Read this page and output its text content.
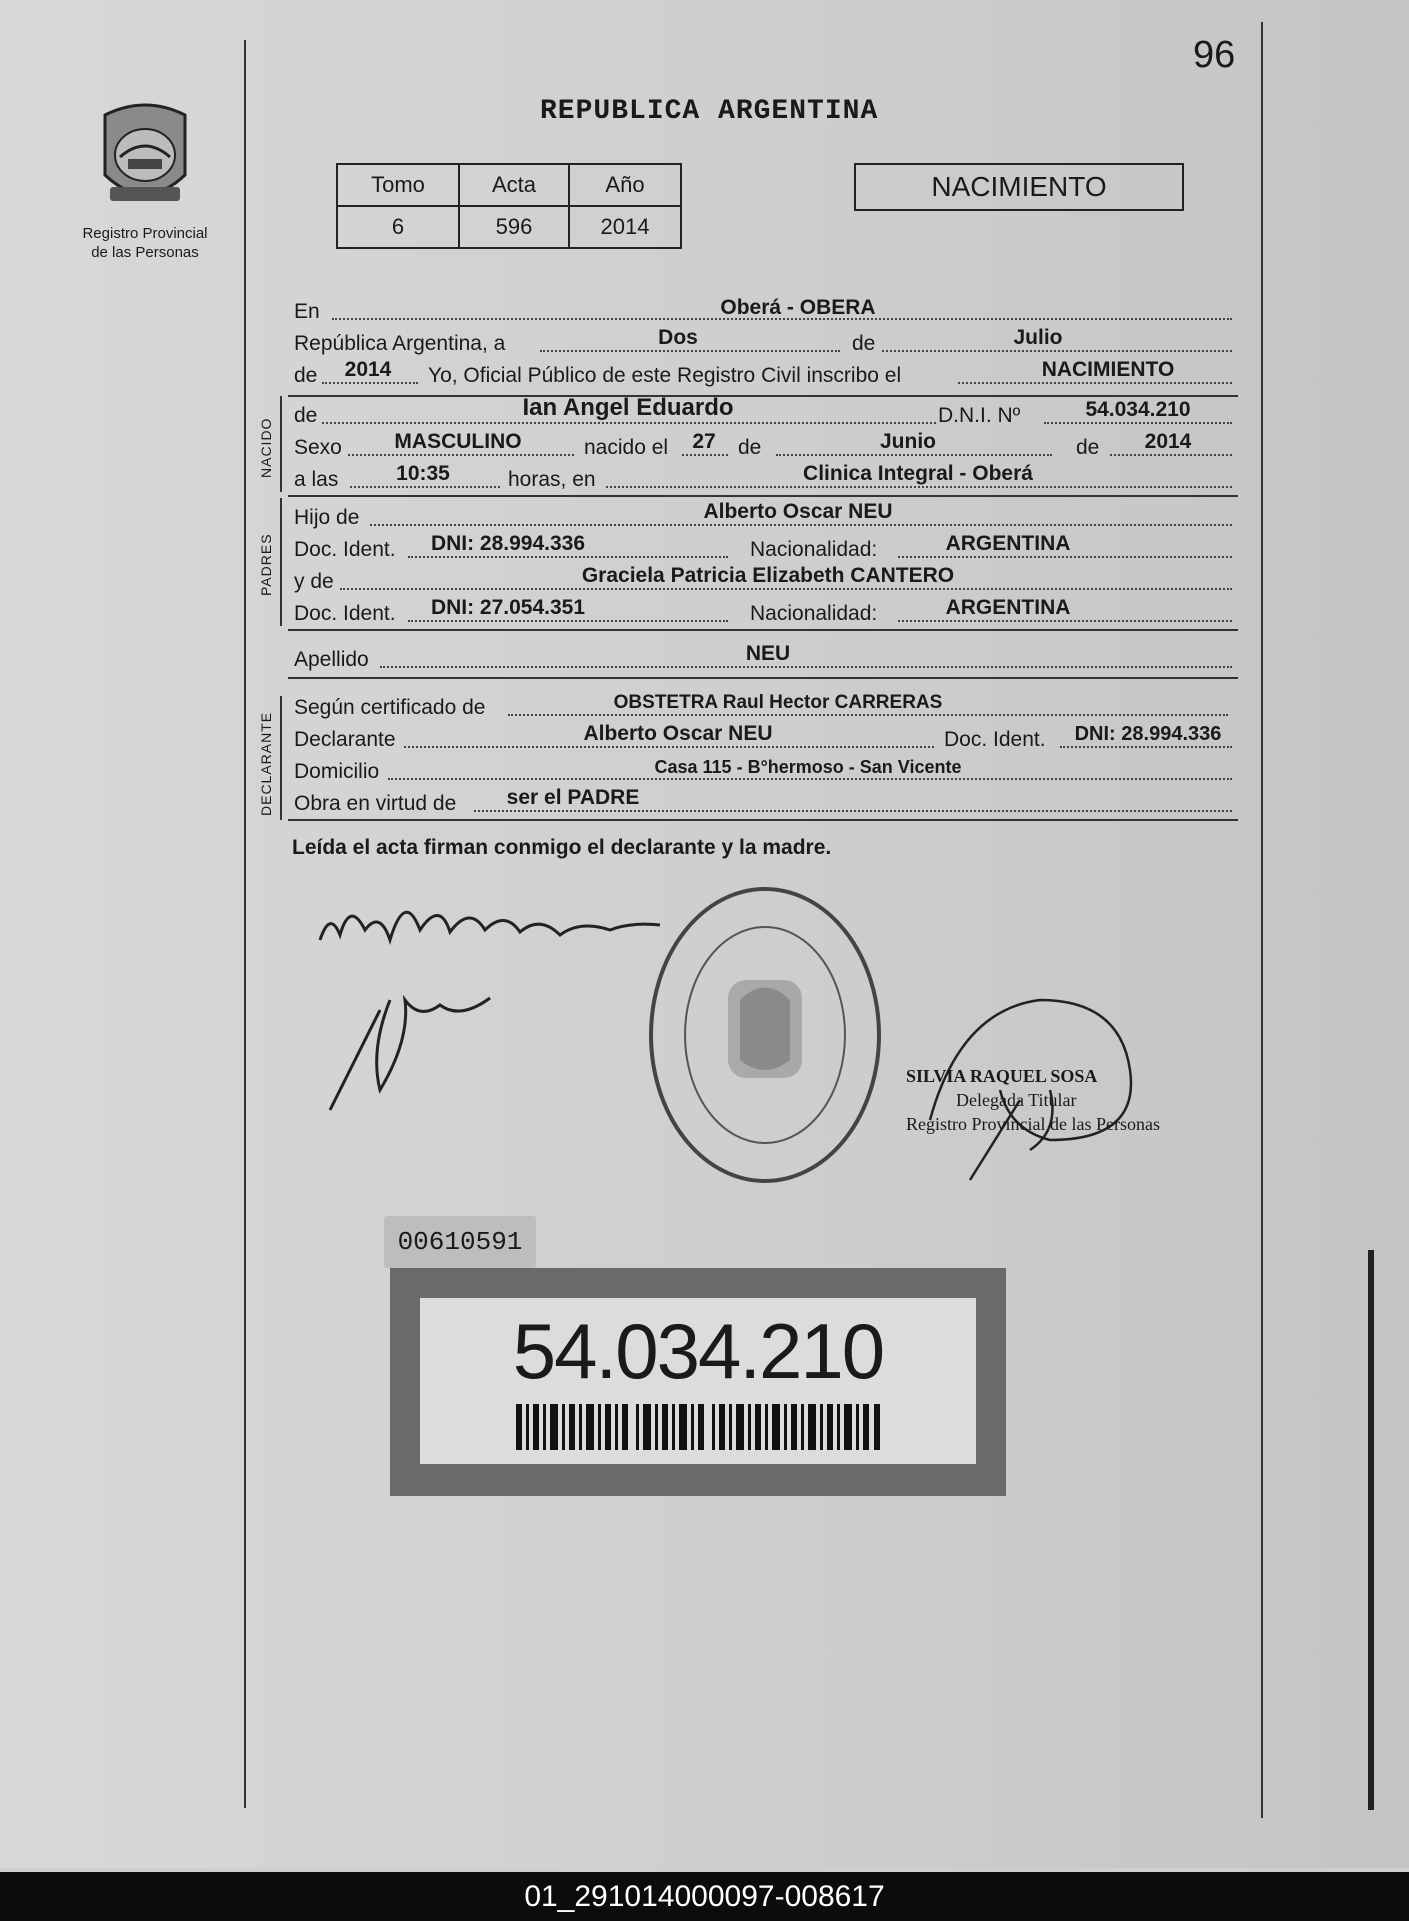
96
REPUBLICA ARGENTINA
Registro Provincial
de las Personas
Tomo	Acta	Año
6	596	2014
NACIMIENTO
En	Oberá - OBERA
República Argentina, a	Dos	de	Julio
de	2014	Yo, Oficial Público de este Registro Civil inscribo el	NACIMIENTO
NACIDO
de	Ian Angel Eduardo	D.N.I. Nº	54.034.210
Sexo	MASCULINO	nacido el	27	de	Junio	de	2014
a las	10:35	horas, en	Clinica Integral - Oberá
PADRES
Hijo de	Alberto Oscar NEU
Doc. Ident.	DNI: 28.994.336	Nacionalidad:	ARGENTINA
y de	Graciela Patricia Elizabeth CANTERO
Doc. Ident.	DNI: 27.054.351	Nacionalidad:	ARGENTINA
Apellido	NEU
DECLARANTE
Según certificado de	OBSTETRA Raul Hector CARRERAS
Declarante	Alberto Oscar NEU	Doc. Ident.	DNI: 28.994.336
Domicilio	Casa 115 - B°hermoso - San Vicente
Obra en virtud de	ser el PADRE
Leída el acta firman conmigo el declarante y la madre.
SILVIA RAQUEL SOSA
Delegada Titular
Registro Provincial de las Personas
00610591
54.034.210
01_291014000097-008617
